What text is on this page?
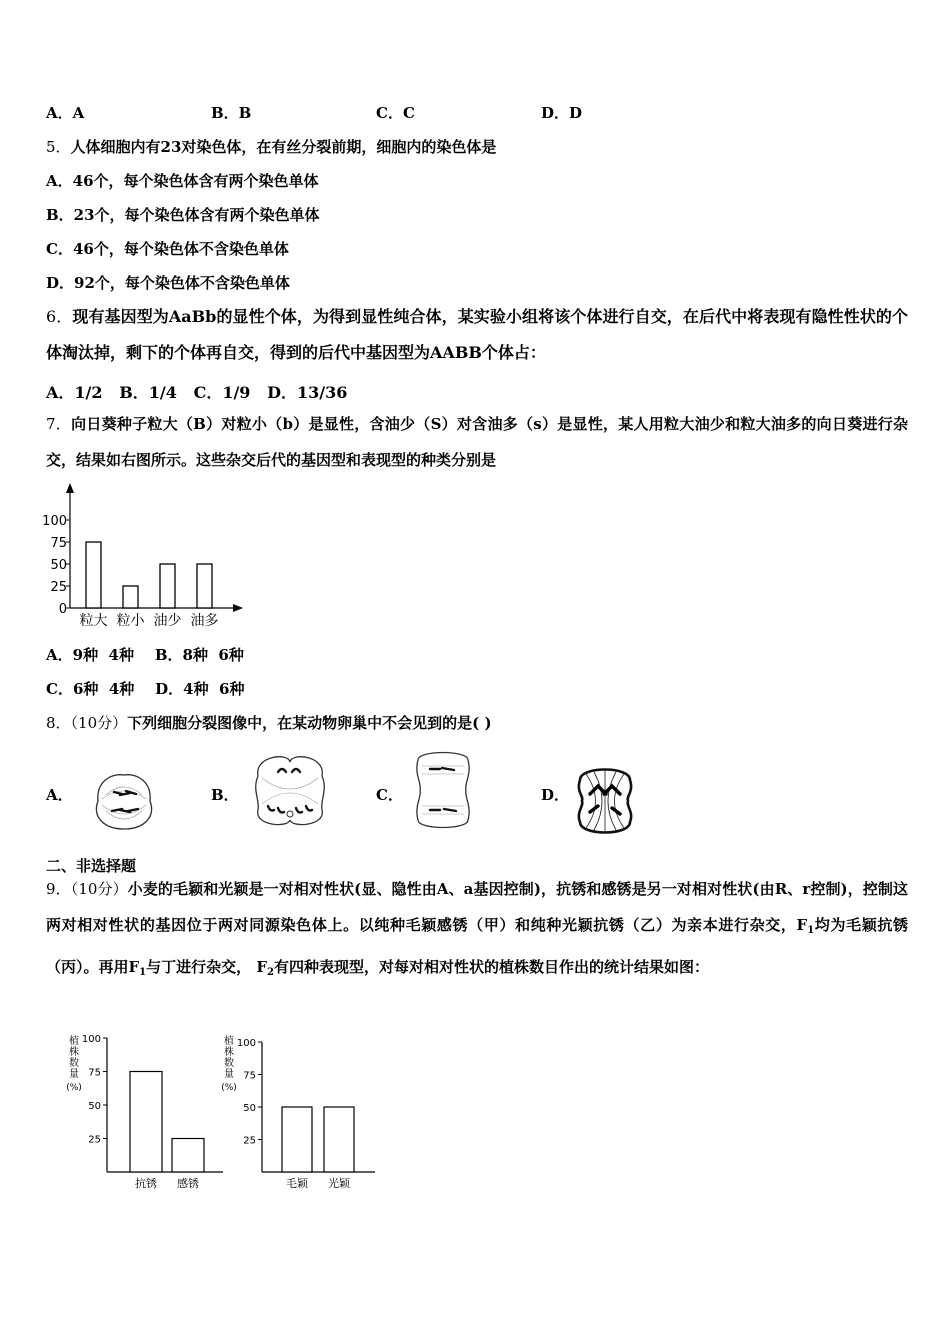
A．A	B．B	C．C	D．D
5．人体细胞内有23对染色体，在有丝分裂前期，细胞内的染色体是
A．46个，每个染色体含有两个染色单体
B．23个，每个染色体含有两个染色单体
C．46个，每个染色体不含染色单体
D．92个，每个染色体不含染色单体
6．现有基因型为AaBb的显性个体，为得到显性纯合体，某实验小组将该个体进行自交，在后代中将表现有隐性性状的个体淘汰掉，剩下的个体再自交，得到的后代中基因型为AABB个体占：
A．1/2   B．1/4   C．1/9   D．13/36
7．向日葵种子粒大（B）对粒小（b）是显性，含油少（S）对含油多（s）是显性，某人用粒大油少和粒大油多的向日葵进行杂交，结果如右图所示。这些杂交后代的基因型和表现型的种类分别是
100
75
50
25
0
粒大 粒小 油少 油多
A．9种  4种    B．8种  6种
C．6种  4种    D．4种  6种
8．（10分）下列细胞分裂图像中，在某动物卵巢中不会见到的是( )
A．	B．	C．	D．
二、非选择题
9．（10分）小麦的毛颖和光颖是一对相对性状(显、隐性由A、a基因控制)，抗锈和感锈是另一对相对性状(由R、r控制)，控制这两对相对性状的基因位于两对同源染色体上。以纯种毛颖感锈（甲）和纯种光颖抗锈（乙）为亲本进行杂交，$F_1$均为毛颖抗锈（丙）。再用$F_1$与丁进行杂交， $F_2$有四种表现型，对每对相对性状的植株数目作出的统计结果如图：
植
株
数
量
(%)
100
75
50
25
抗锈 感锈
植
株
数
量
(%)
100
75
50
25
毛颖 光颖
